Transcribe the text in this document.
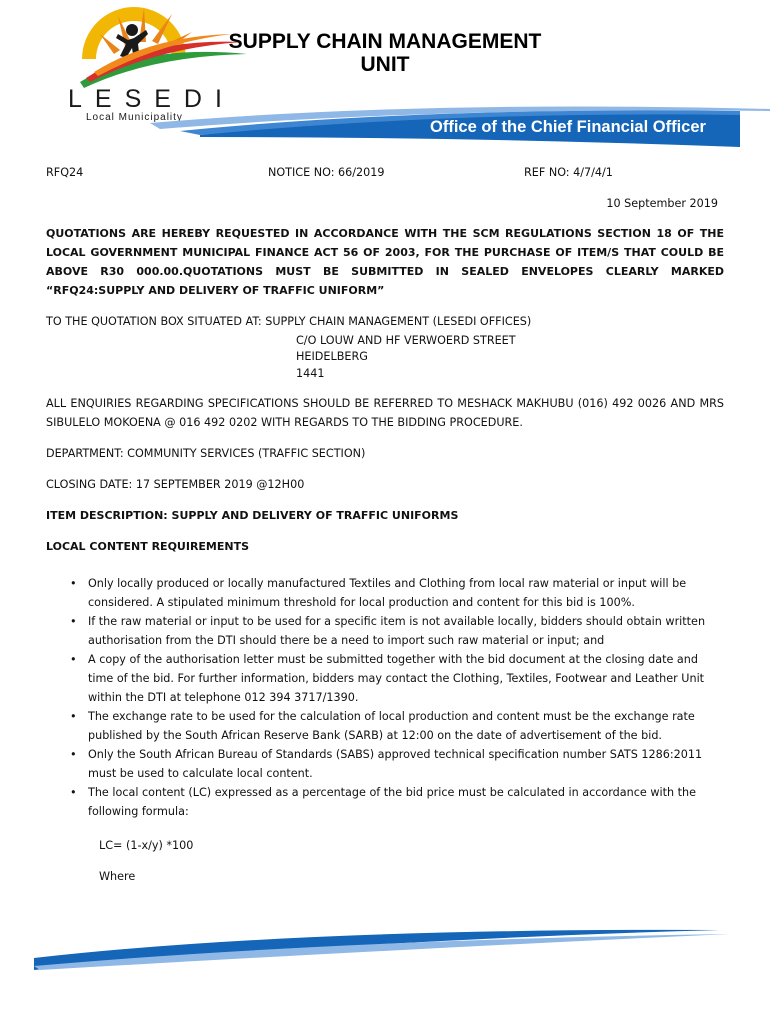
LESEDI
Local Municipality
SUPPLY CHAIN MANAGEMENT
UNIT
Office of the Chief Financial Officer
RFQ24	NOTICE NO: 66/2019	REF NO: 4/7/4/1
10 September 2019
QUOTATIONS ARE HEREBY REQUESTED IN ACCORDANCE WITH THE SCM REGULATIONS SECTION 18 OF THE LOCAL GOVERNMENT MUNICIPAL FINANCE ACT 56 OF 2003, FOR THE PURCHASE OF ITEM/S THAT COULD BE ABOVE R30 000.00.QUOTATIONS MUST BE SUBMITTED IN SEALED ENVELOPES CLEARLY MARKED “RFQ24:SUPPLY AND DELIVERY OF TRAFFIC UNIFORM”
TO THE QUOTATION BOX SITUATED AT: SUPPLY CHAIN MANAGEMENT (LESEDI OFFICES)
C/O LOUW AND HF VERWOERD STREET
HEIDELBERG
1441
ALL ENQUIRIES REGARDING SPECIFICATIONS SHOULD BE REFERRED TO MESHACK MAKHUBU (016) 492 0026 AND MRS SIBULELO MOKOENA @ 016 492 0202 WITH REGARDS TO THE BIDDING PROCEDURE.
DEPARTMENT: COMMUNITY SERVICES (TRAFFIC SECTION)
CLOSING DATE: 17 SEPTEMBER 2019 @12H00
ITEM DESCRIPTION: SUPPLY AND DELIVERY OF TRAFFIC UNIFORMS
LOCAL CONTENT REQUIREMENTS
• Only locally produced or locally manufactured Textiles and Clothing from local raw material or input will be considered. A stipulated minimum threshold for local production and content for this bid is 100%.
• If the raw material or input to be used for a specific item is not available locally, bidders should obtain written authorisation from the DTI should there be a need to import such raw material or input; and
• A copy of the authorisation letter must be submitted together with the bid document at the closing date and time of the bid. For further information, bidders may contact the Clothing, Textiles, Footwear and Leather Unit within the DTI at telephone 012 394 3717/1390.
• The exchange rate to be used for the calculation of local production and content must be the exchange rate published by the South African Reserve Bank (SARB) at 12:00 on the date of advertisement of the bid.
• Only the South African Bureau of Standards (SABS) approved technical specification number SATS 1286:2011 must be used to calculate local content.
• The local content (LC) expressed as a percentage of the bid price must be calculated in accordance with the following formula:
LC= (1-x/y) *100
Where
